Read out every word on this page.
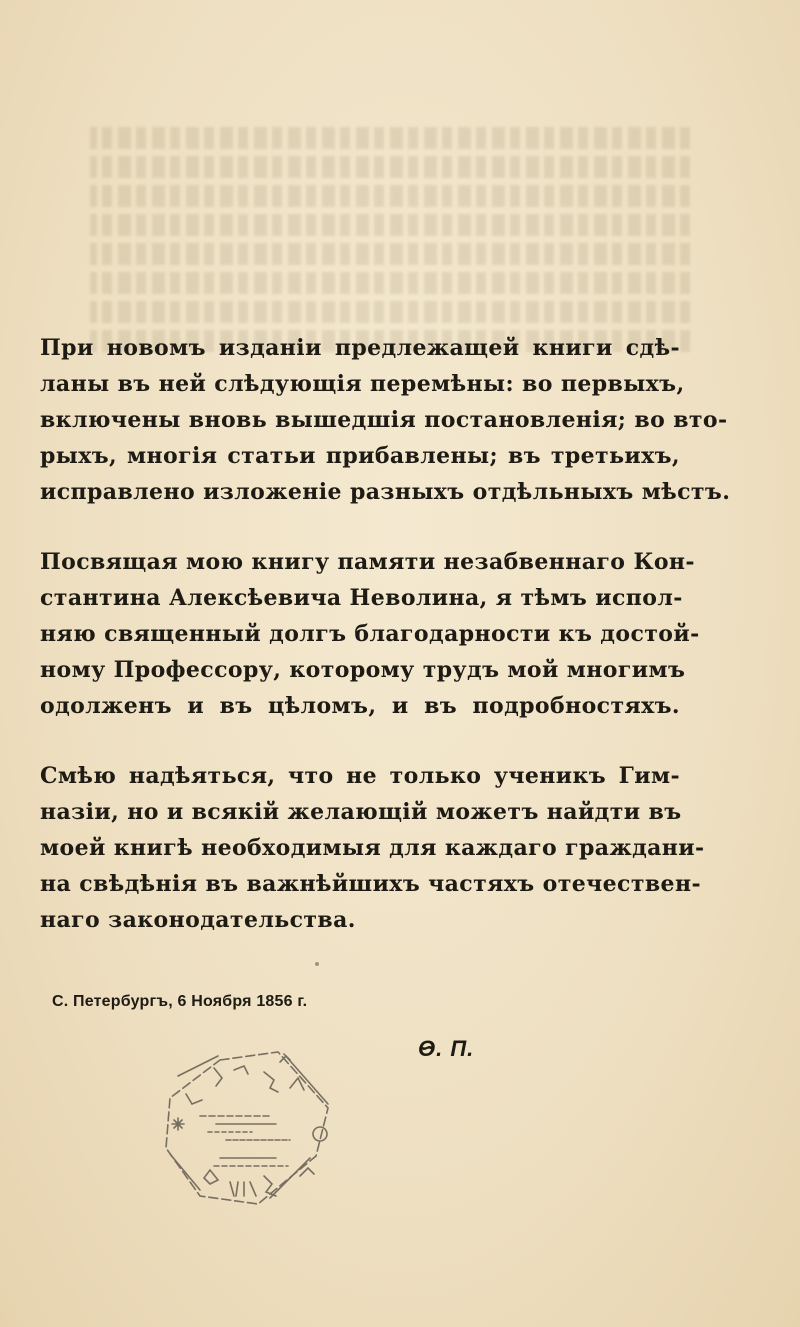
При новомъ изданіи предлежащей книги сдѣ-
ланы въ ней слѣдующія перемѣны: во первыхъ,
включены вновь вышедшія постановленія; во вто-
рыхъ, многія статьи прибавлены; въ третьихъ,
исправлено изложеніе разныхъ отдѣльныхъ мѣстъ.
Посвящая мою книгу памяти незабвеннаго Кон-
стантина Алексѣевича Неволина, я тѣмъ испол-
няю священный долгъ благодарности къ достой-
ному Профессору, которому трудъ мой многимъ
одолженъ и въ цѣломъ, и въ подробностяхъ.
Смѣю надѣяться, что не только ученикъ Гим-
назіи, но и всякій желающій можетъ найдти въ
моей книгѣ необходимыя для каждаго граждани-
на свѣдѣнія въ важнѣйшихъ частяхъ отечествен-
наго законодательства.
С. Петербургъ, 6 Ноября 1856 г.
Ѳ. П.
